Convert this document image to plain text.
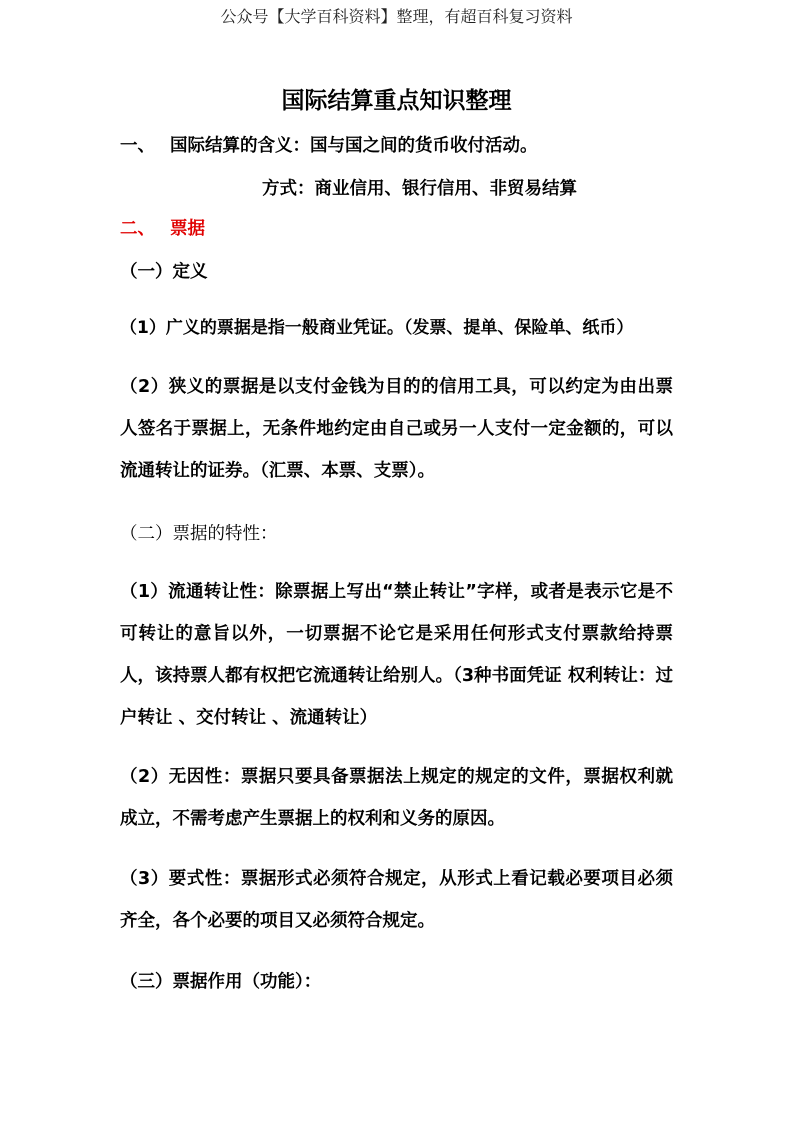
公众号【大学百科资料】整理，有超百科复习资料
国际结算重点知识整理
一、 国际结算的含义：国与国之间的货币收付活动。
方式：商业信用、银行信用、非贸易结算
二、 票据
（一）定义
（1）广义的票据是指一般商业凭证。（发票、提单、保险单、纸币）
（2）狭义的票据是以支付金钱为目的的信用工具，可以约定为由出票人签名于票据上，无条件地约定由自己或另一人支付一定金额的，可以流通转让的证券。（汇票、本票、支票）。
（二）票据的特性：
（1）流通转让性：除票据上写出“禁止转让”字样，或者是表示它是不可转让的意旨以外，一切票据不论它是采用任何形式支付票款给持票人，该持票人都有权把它流通转让给别人。（3种书面凭证 权利转让：过户转让 、交付转让 、流通转让）
（2）无因性：票据只要具备票据法上规定的规定的文件，票据权利就成立，不需考虑产生票据上的权利和义务的原因。
（3）要式性：票据形式必须符合规定，从形式上看记载必要项目必须齐全，各个必要的项目又必须符合规定。
（三）票据作用（功能）：
